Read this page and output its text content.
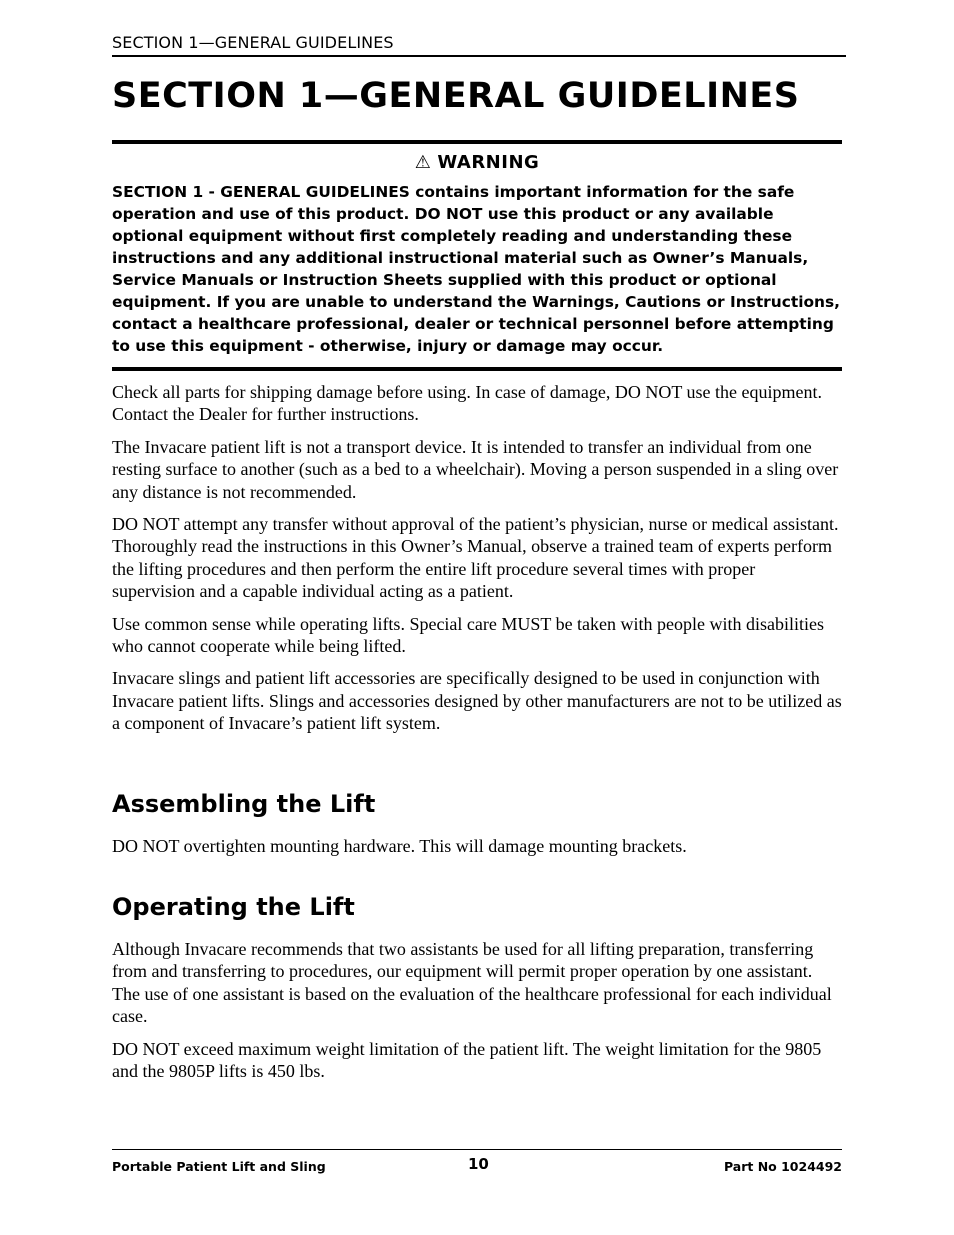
SECTION 1—GENERAL GUIDELINES
SECTION 1—GENERAL GUIDELINES
⚠ WARNING

SECTION 1 - GENERAL GUIDELINES contains important information for the safe operation and use of this product. DO NOT use this product or any available optional equipment without first completely reading and understanding these instructions and any additional instructional material such as Owner’s Manuals, Service Manuals or Instruction Sheets supplied with this product or optional equipment. If you are unable to understand the Warnings, Cautions or Instructions, contact a healthcare professional, dealer or technical personnel before attempting to use this equipment - otherwise, injury or damage may occur.

Check all parts for shipping damage before using. In case of damage, DO NOT use the equipment. Contact the Dealer for further instructions.

The Invacare patient lift is not a transport device. It is intended to transfer an individual from one resting surface to another (such as a bed to a wheelchair). Moving a person suspended in a sling over any distance is not recommended.

DO NOT attempt any transfer without approval of the patient’s physician, nurse or medical assistant. Thoroughly read the instructions in this Owner’s Manual, observe a trained team of experts perform the lifting procedures and then perform the entire lift procedure several times with proper supervision and a capable individual acting as a patient.

Use common sense while operating lifts. Special care MUST be taken with people with disabilities who cannot cooperate while being lifted.

Invacare slings and patient lift accessories are specifically designed to be used in conjunction with Invacare patient lifts. Slings and accessories designed by other manufacturers are not to be utilized as a component of Invacare’s patient lift system.

Assembling the Lift

DO NOT overtighten mounting hardware. This will damage mounting brackets.

Operating the Lift

Although Invacare recommends that two assistants be used for all lifting preparation, transferring from and transferring to procedures, our equipment will permit proper operation by one assistant. The use of one assistant is based on the evaluation of the healthcare professional for each individual case.

DO NOT exceed maximum weight limitation of the patient lift. The weight limitation for the 9805 and the 9805P lifts is 450 lbs.

Portable Patient Lift and Sling	10	Part No 1024492
